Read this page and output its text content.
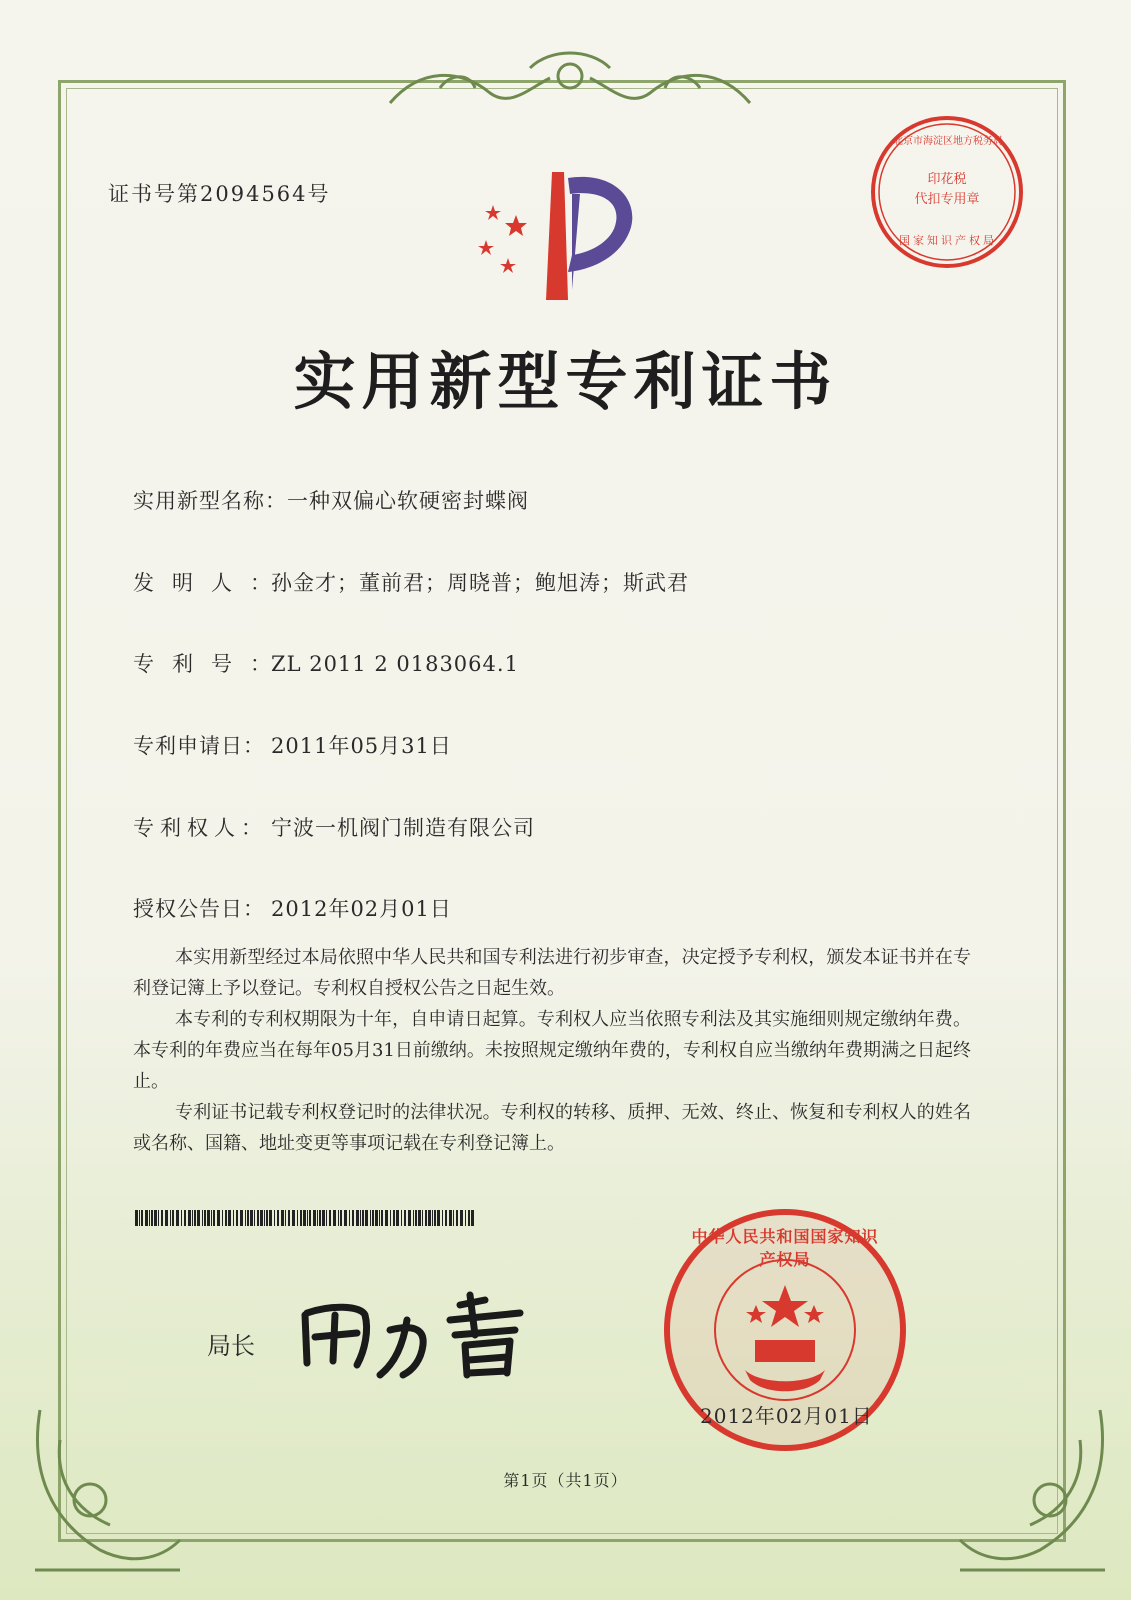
证书号第2094564号
印花税
代扣专用章
北京市海淀区地方税务局
国家知识产权局
实用新型专利证书
实用新型名称：一种双偏心软硬密封蝶阀
发明人：孙金才；董前君；周晓普；鲍旭涛；斯武君
专利号：ZL 2011 2 0183064.1
专利申请日： 2011年05月31日
专利权人： 宁波一机阀门制造有限公司
授权公告日： 2012年02月01日

本实用新型经过本局依照中华人民共和国专利法进行初步审查，决定授予专利权，颁发本证书并在专利登记簿上予以登记。专利权自授权公告之日起生效。

本专利的专利权期限为十年，自申请日起算。专利权人应当依照专利法及其实施细则规定缴纳年费。本专利的年费应当在每年05月31日前缴纳。未按照规定缴纳年费的，专利权自应当缴纳年费期满之日起终止。

专利证书记载专利权登记时的法律状况。专利权的转移、质押、无效、终止、恢复和专利权人的姓名或名称、国籍、地址变更等事项记载在专利登记簿上。

局长
中华人民共和国国家知识产权局
2012年02月01日
第1页（共1页）
